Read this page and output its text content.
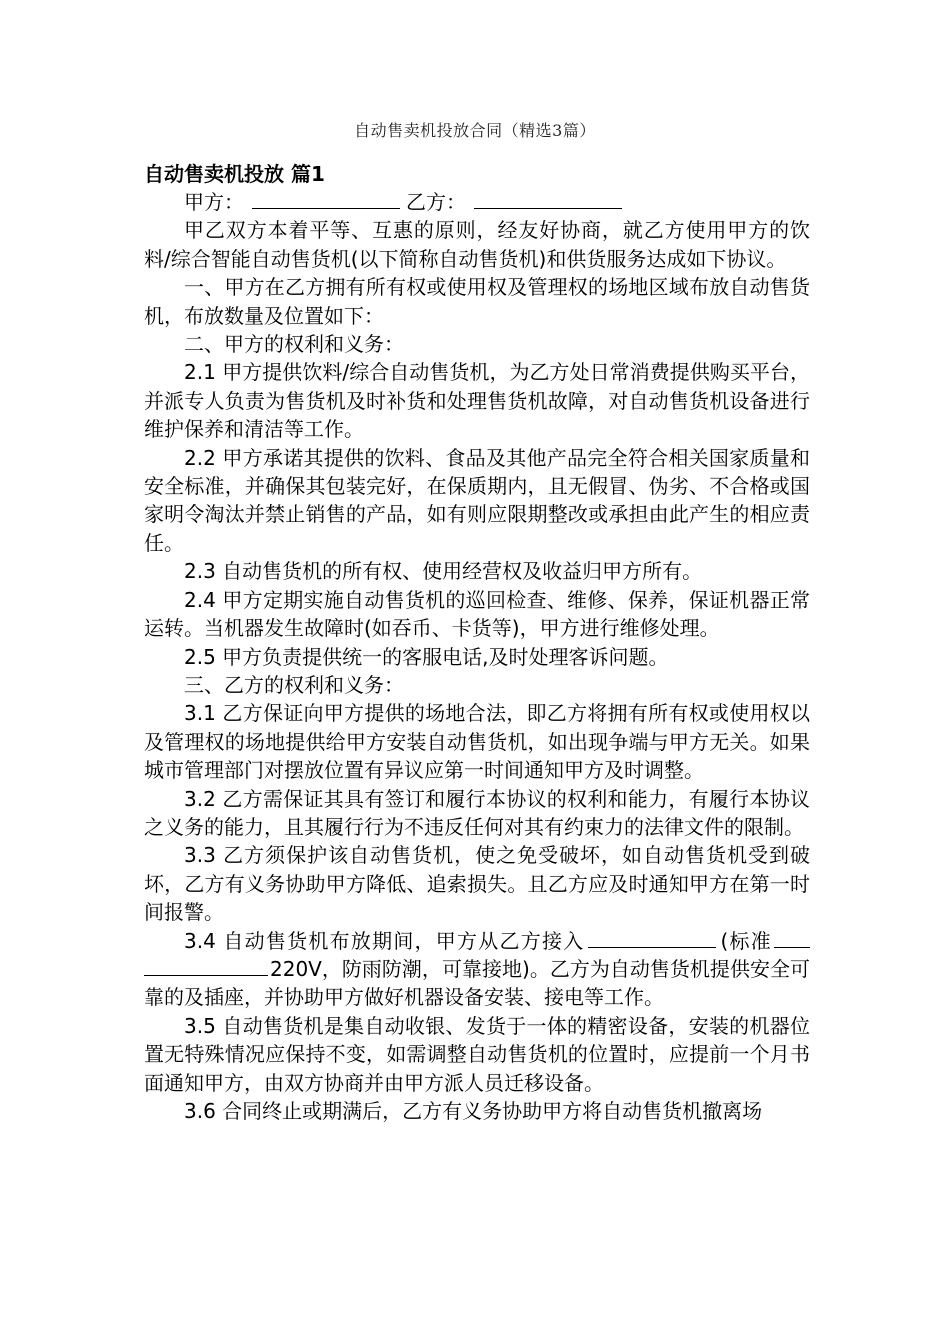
自动售卖机投放合同（精选3篇）
自动售卖机投放 篇1

甲方：	乙方：

甲乙双方本着平等、互惠的原则，经友好协商，就乙方使用甲方的饮料/综合智能自动售货机(以下简称自动售货机)和供货服务达成如下协议。

一、甲方在乙方拥有所有权或使用权及管理权的场地区域布放自动售货机，布放数量及位置如下：

二、甲方的权利和义务：

2.1 甲方提供饮料/综合自动售货机，为乙方处日常消费提供购买平台，并派专人负责为售货机及时补货和处理售货机故障，对自动售货机设备进行维护保养和清洁等工作。

2.2 甲方承诺其提供的饮料、食品及其他产品完全符合相关国家质量和安全标准，并确保其包装完好，在保质期内，且无假冒、伪劣、不合格或国家明令淘汰并禁止销售的产品，如有则应限期整改或承担由此产生的相应责任。

2.3 自动售货机的所有权、使用经营权及收益归甲方所有。

2.4 甲方定期实施自动售货机的巡回检查、维修、保养，保证机器正常运转。当机器发生故障时(如吞币、卡货等)，甲方进行维修处理。

2.5 甲方负责提供统一的客服电话,及时处理客诉问题。

三、乙方的权利和义务：

3.1 乙方保证向甲方提供的场地合法，即乙方将拥有所有权或使用权以及管理权的场地提供给甲方安装自动售货机，如出现争端与甲方无关。如果城市管理部门对摆放位置有异议应第一时间通知甲方及时调整。

3.2 乙方需保证其具有签订和履行本协议的权利和能力，有履行本协议之义务的能力，且其履行行为不违反任何对其有约束力的法律文件的限制。

3.3 乙方须保护该自动售货机，使之免受破坏，如自动售货机受到破坏，乙方有义务协助甲方降低、追索损失。且乙方应及时通知甲方在第一时间报警。

3.4 自动售货机布放期间，甲方从乙方接入	(标准220V，防雨防潮，可靠接地)。乙方为自动售货机提供安全可靠的及插座，并协助甲方做好机器设备安装、接电等工作。

3.5 自动售货机是集自动收银、发货于一体的精密设备，安装的机器位置无特殊情况应保持不变，如需调整自动售货机的位置时，应提前一个月书面通知甲方，由双方协商并由甲方派人员迁移设备。

3.6 合同终止或期满后，乙方有义务协助甲方将自动售货机撤离场
